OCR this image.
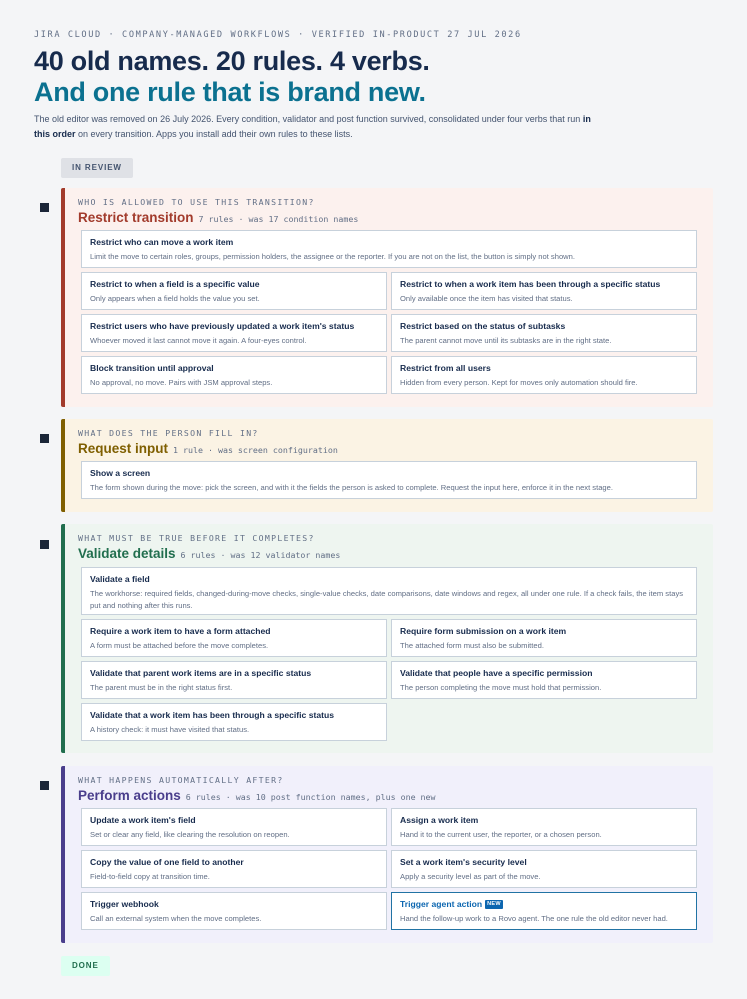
JIRA CLOUD · COMPANY-MANAGED WORKFLOWS · VERIFIED IN-PRODUCT 27 JUL 2026
40 old names. 20 rules. 4 verbs.
And one rule that is brand new.

The old editor was removed on 26 July 2026. Every condition, validator and post function survived, consolidated under four verbs that run in this order on every transition. Apps you install add their own rules to these lists.

IN REVIEW
WHO IS ALLOWED TO USE THIS TRANSITION?
Restrict transition 7 rules · was 17 condition names
Restrict who can move a work item
Limit the move to certain roles, groups, permission holders, the assignee or the reporter. If you are not on the list, the button is simply not shown.
Restrict to when a field is a specific value
Only appears when a field holds the value you set.
Restrict to when a work item has been through a specific status
Only available once the item has visited that status.
Restrict users who have previously updated a work item's status
Whoever moved it last cannot move it again. A four-eyes control.
Restrict based on the status of subtasks
The parent cannot move until its subtasks are in the right state.
Block transition until approval
No approval, no move. Pairs with JSM approval steps.
Restrict from all users
Hidden from every person. Kept for moves only automation should fire.
WHAT DOES THE PERSON FILL IN?
Request input 1 rule · was screen configuration
Show a screen
The form shown during the move: pick the screen, and with it the fields the person is asked to complete. Request the input here, enforce it in the next stage.
WHAT MUST BE TRUE BEFORE IT COMPLETES?
Validate details 6 rules · was 12 validator names
Validate a field
The workhorse: required fields, changed-during-move checks, single-value checks, date comparisons, date windows and regex, all under one rule. If a check fails, the item stays put and nothing after this runs.
Require a work item to have a form attached
A form must be attached before the move completes.
Require form submission on a work item
The attached form must also be submitted.
Validate that parent work items are in a specific status
The parent must be in the right status first.
Validate that people have a specific permission
The person completing the move must hold that permission.
Validate that a work item has been through a specific status
A history check: it must have visited that status.
WHAT HAPPENS AUTOMATICALLY AFTER?
Perform actions 6 rules · was 10 post function names, plus one new
Update a work item's field
Set or clear any field, like clearing the resolution on reopen.
Assign a work item
Hand it to the current user, the reporter, or a chosen person.
Copy the value of one field to another
Field-to-field copy at transition time.
Set a work item's security level
Apply a security level as part of the move.
Trigger webhook
Call an external system when the move completes.
Trigger agent action NEW
Hand the follow-up work to a Rovo agent. The one rule the old editor never had.
DONE
